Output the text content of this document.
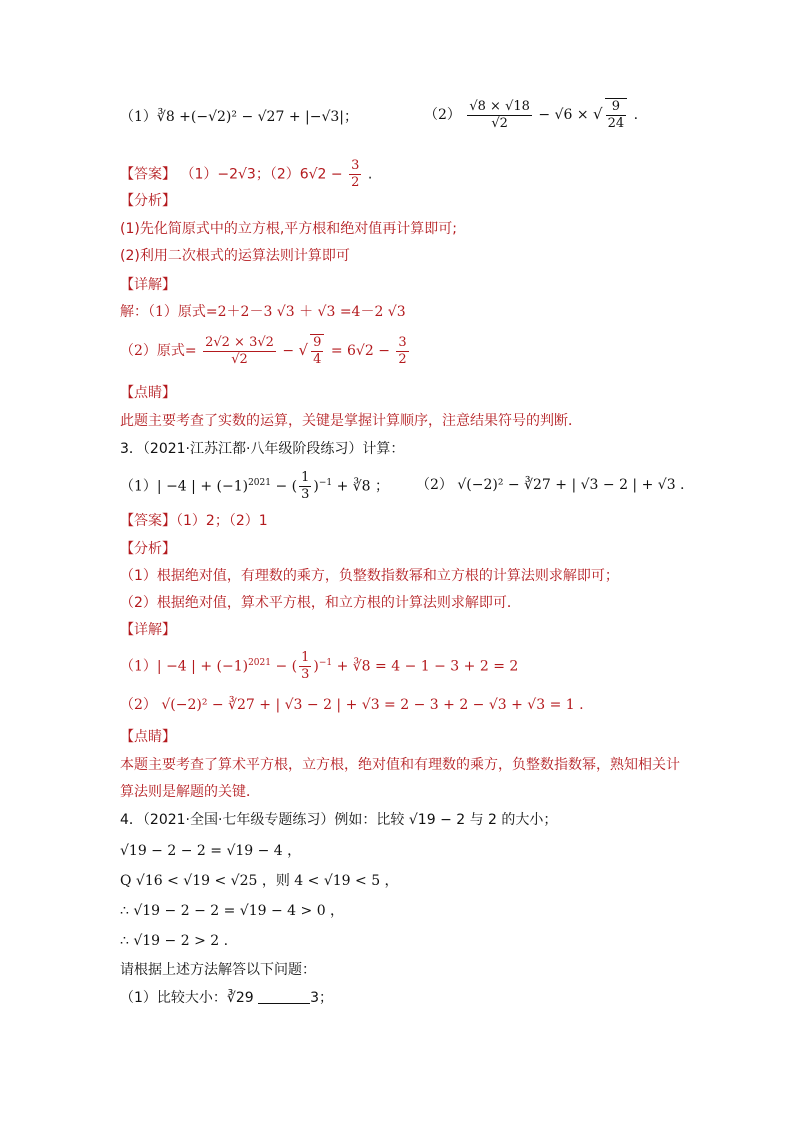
（1）∛8 +(−√2)² − √27 + |−√3|；	$(2) \frac{√8 \times √18}{√2} - √6$ × √ $\frac{9}{24}$ .
【答案】 （1）−2√3；$(2)6√2 - \frac{3}{2}$ .
【分析】
(1)先化简原式中的立方根,平方根和绝对值再计算即可;
(2)利用二次根式的运算法则计算即可
【详解】
解：（1）原式=2＋2－3 √3 ＋ √3 =4－2 √3
（2）原式= $\frac{2√2 \times 3√2}{√2}$ − √ $\frac{9}{4} = 6√2 - \frac{3}{2}$
【点睛】
此题主要考查了实数的运算，关键是掌握计算顺序，注意结果符号的判断．
3．（2021·江苏江都·八年级阶段练习）计算：
（1）| −4 | + $(-1)^{2021}$ − ( $\frac{1}{3} )^{-1}$ + ∛8 ； （2） √(−2)² − ∛27 + | √3 − 2 | + √3 .
【答案】（1）2；（2）1
【分析】
（1）根据绝对值，有理数的乘方，负整数指数幂和立方根的计算法则求解即可；
（2）根据绝对值，算术平方根，和立方根的计算法则求解即可．
【详解】
（1）| −4 | + $(-1)^{2021}$ − ( $\frac{1}{3} )^{-1}$ + ∛8 = 4 − 1 − 3 + 2 = 2
（2） √(−2)² − ∛27 + | √3 − 2 | + √3 = 2 − 3 + 2 − √3 + √3 = 1 .
【点睛】
本题主要考查了算术平方根，立方根，绝对值和有理数的乘方，负整数指数幂，熟知相关计
算法则是解题的关键．
4．（2021·全国·七年级专题练习）例如：比较 √19 − 2 与 2 的大小；
√19 − 2 − 2 = √19 − 4 ，
Q √16 < √19 < √25 ，则 4 < √19 < 5 ，
∴ √19 − 2 − 2 = √19 − 4 > 0 ，
∴ √19 − 2 > 2 .
请根据上述方法解答以下问题：
（1）比较大小：∛29	3；
